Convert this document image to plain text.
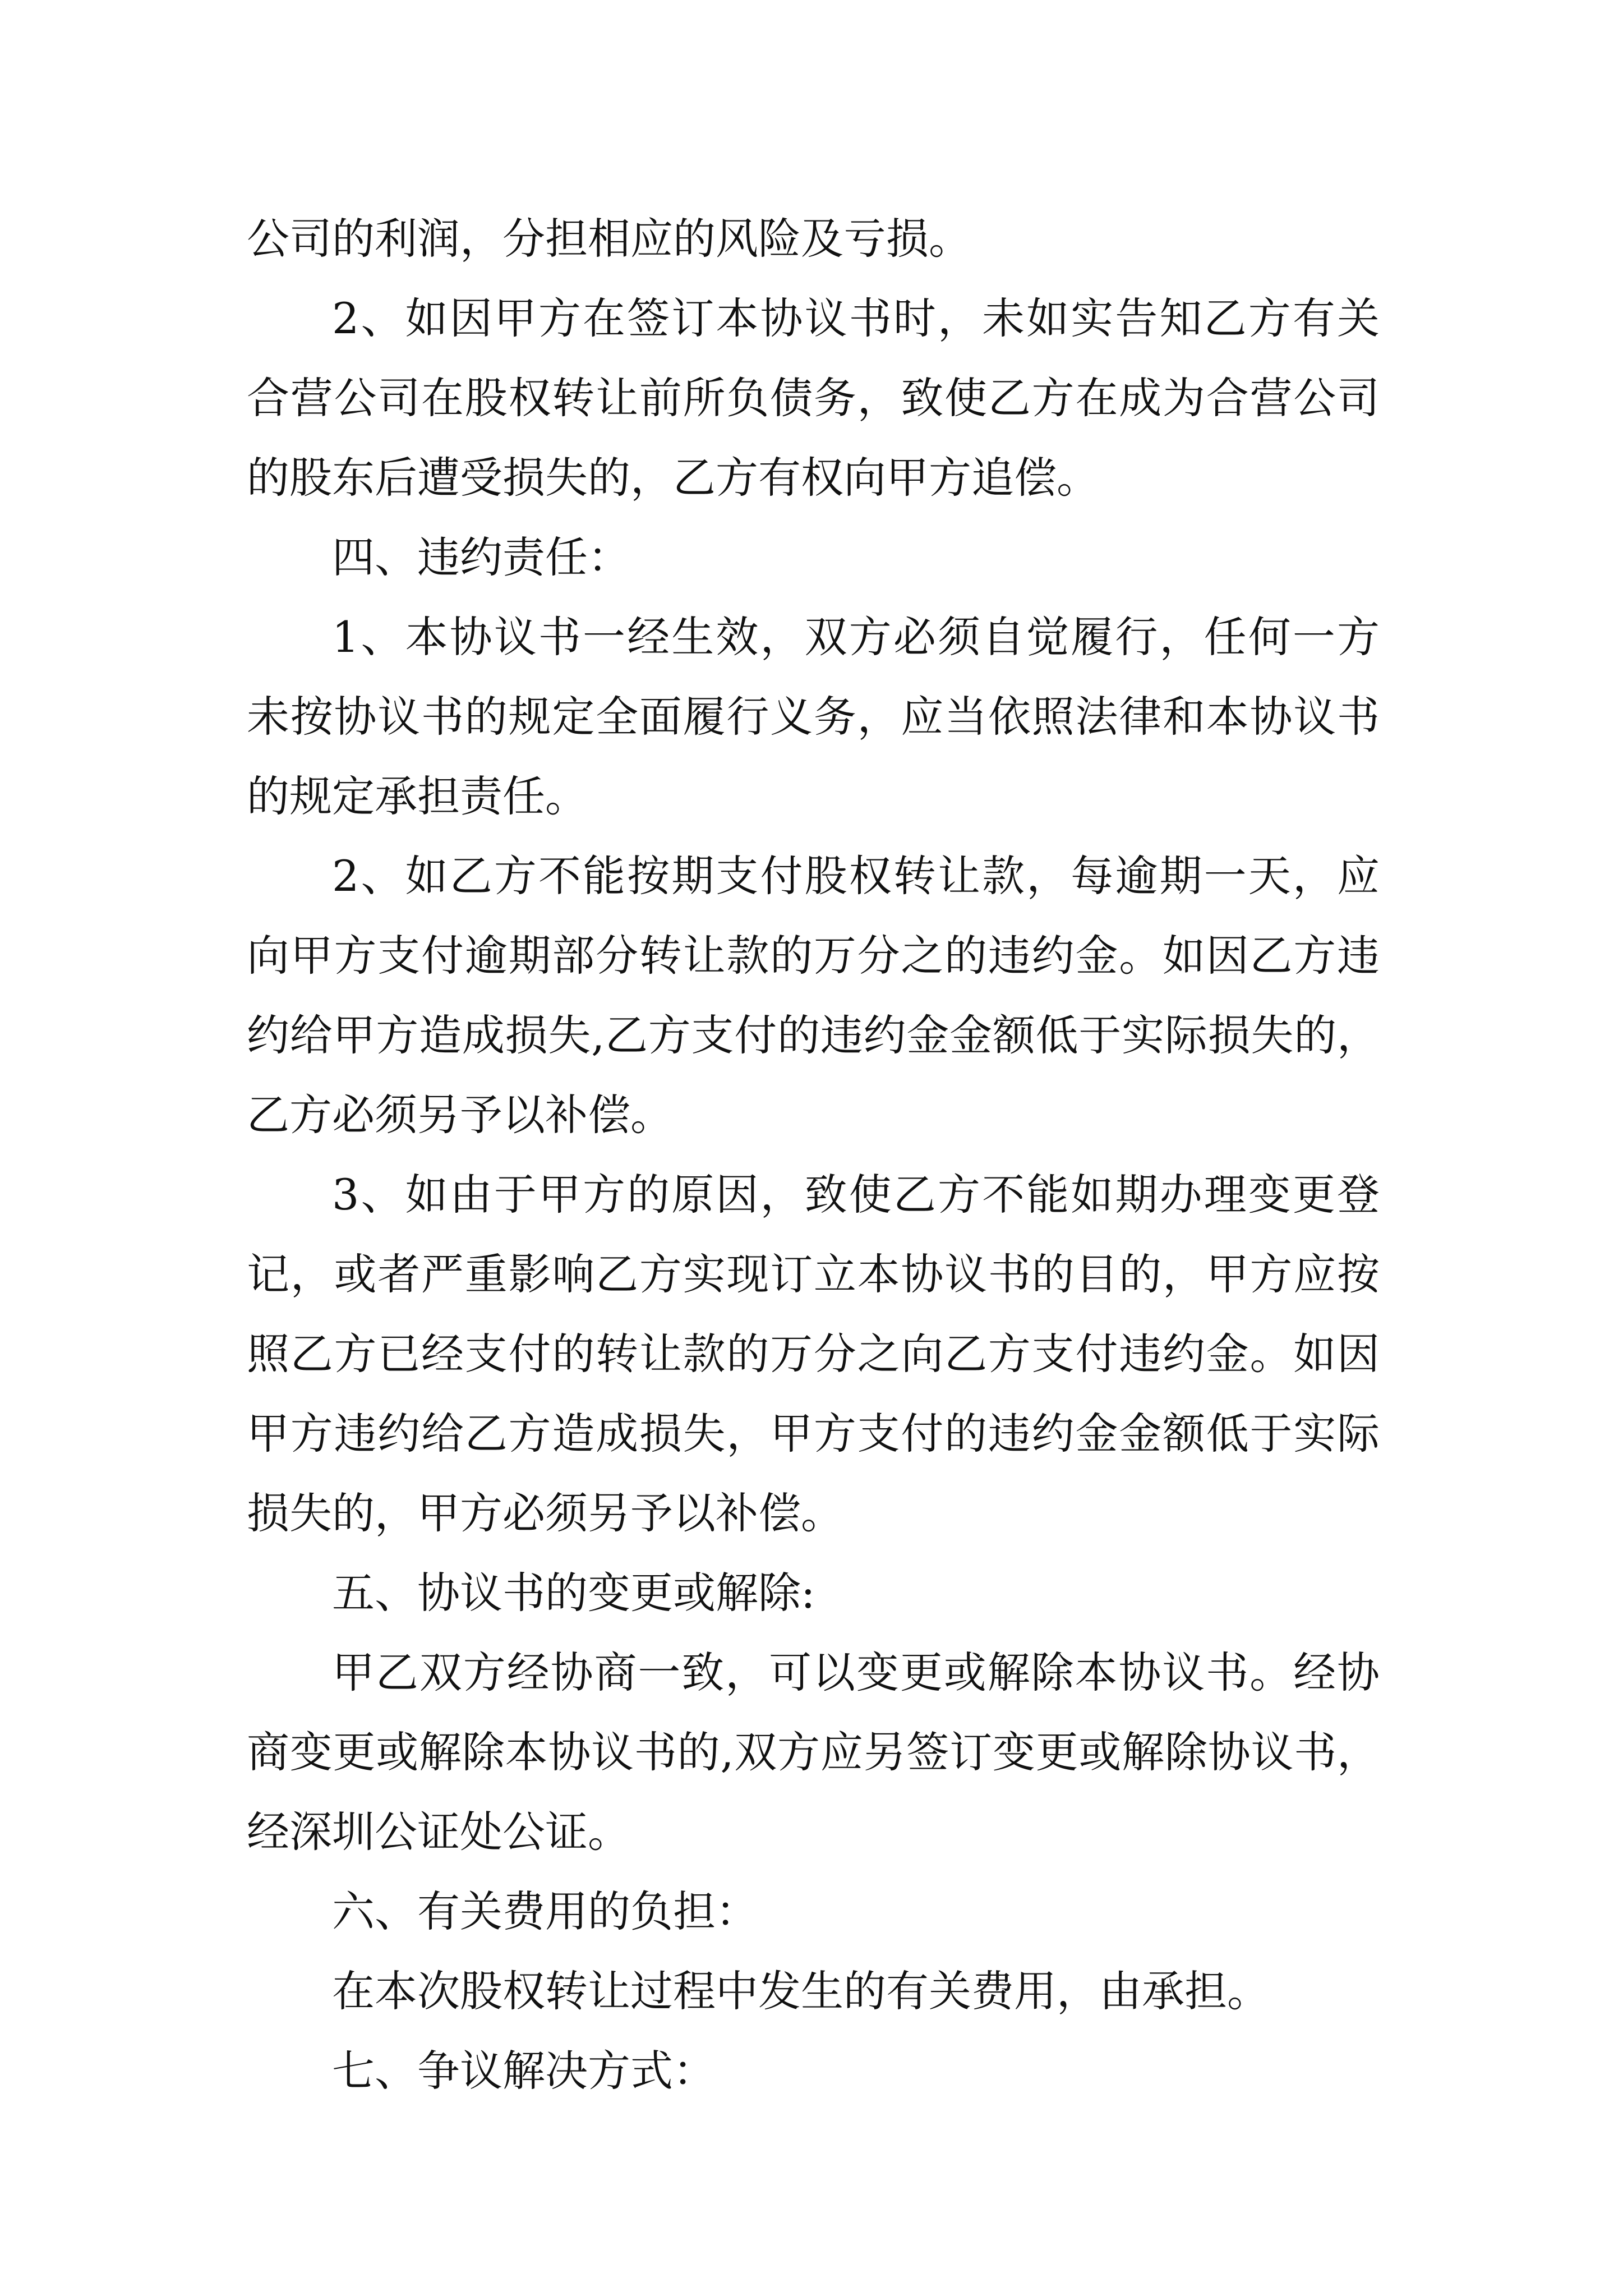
公司的利润，分担相应的风险及亏损。

2、如因甲方在签订本协议书时，未如实告知乙方有关合营公司在股权转让前所负债务，致使乙方在成为合营公司的股东后遭受损失的，乙方有权向甲方追偿。

四、违约责任：

1、本协议书一经生效，双方必须自觉履行，任何一方未按协议书的规定全面履行义务，应当依照法律和本协议书的规定承担责任。

2、如乙方不能按期支付股权转让款，每逾期一天，应向甲方支付逾期部分转让款的万分之的违约金。如因乙方违约给甲方造成损失,乙方支付的违约金金额低于实际损失的，乙方必须另予以补偿。

3、如由于甲方的原因，致使乙方不能如期办理变更登记，或者严重影响乙方实现订立本协议书的目的，甲方应按照乙方已经支付的转让款的万分之向乙方支付违约金。如因甲方违约给乙方造成损失，甲方支付的违约金金额低于实际损失的，甲方必须另予以补偿。

五、协议书的变更或解除:

甲乙双方经协商一致，可以变更或解除本协议书。经协商变更或解除本协议书的,双方应另签订变更或解除协议书，经深圳公证处公证。

六、有关费用的负担：

在本次股权转让过程中发生的有关费用，由承担。

七、争议解决方式：
